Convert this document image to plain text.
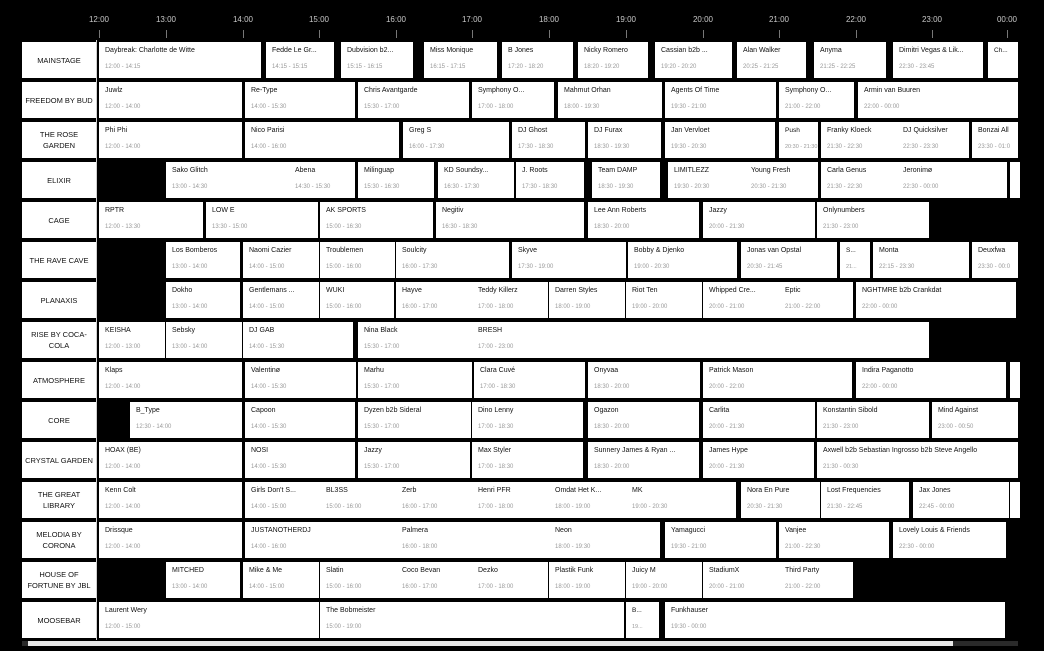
12:00	13:00	14:00	15:00	16:00	17:00	18:00	19:00	20:00	21:00	22:00	23:00	00:00
MAINSTAGE
Daybreak: Charlotte de Witte
12:00 - 14:15
Fedde Le Gr...
14:15 - 15:15
Dubvision b2...
15:15 - 16:15
Miss Monique
16:15 - 17:15
B Jones
17:20 - 18:20
Nicky Romero
18:20 - 19:20
Cassian b2b ...
19:20 - 20:20
Alan Walker
20:25 - 21:25
Anyma
21:25 - 22:25
Dimitri Vegas & Lik...
22:30 - 23:45
Ch...
FREEDOM BY BUD
Juwlz
12:00 - 14:00
Re-Type
14:00 - 15:30
Chris Avantgarde
15:30 - 17:00
Symphony O...
17:00 - 18:00
Mahmut Orhan
18:00 - 19:30
Agents Of Time
19:30 - 21:00
Symphony O...
21:00 - 22:00
Armin van Buuren
22:00 - 00:00
THE ROSE GARDEN
Phi Phi
12:00 - 14:00
Nico Parisi
14:00 - 16:00
Greg S
16:00 - 17:30
DJ Ghost
17:30 - 18:30
DJ Furax
18:30 - 19:30
Jan Vervloet
19:30 - 20:30
Push
20:30 - 21:30
Franky Kloeck
21:30 - 22:30
DJ Quicksilver
22:30 - 23:30
Bonzai All
23:30 - 01:0
ELIXIR
Sako Glitch
13:00 - 14:30
Abena
14:30 - 15:30
Milinguap
15:30 - 16:30
KD Soundsy...
16:30 - 17:30
J. Roots
17:30 - 18:30
Team DAMP
18:30 - 19:30
LIMITLEZZ
19:30 - 20:30
Young Fresh
20:30 - 21:30
Carla Genus
21:30 - 22:30
Jeronimø
22:30 - 00:00
CAGE
RPTR
12:00 - 13:30
LOW E
13:30 - 15:00
AK SPORTS
15:00 - 16:30
Negitiv
16:30 - 18:30
Lee Ann Roberts
18:30 - 20:00
Jazzy
20:00 - 21:30
Onlynumbers
21:30 - 23:00
THE RAVE CAVE
Los Bomberos
13:00 - 14:00
Naomi Cazier
14:00 - 15:00
Troublemen
15:00 - 16:00
Soulcity
16:00 - 17:30
Skyve
17:30 - 19:00
Bobby & Djenko
19:00 - 20:30
Jonas van Opstal
20:30 - 21:45
S...
21...
Monta
22:15 - 23:30
Deuxfwa
23:30 - 00:0
PLANAXIS
Dokho
13:00 - 14:00
Gentlemans ...
14:00 - 15:00
WUKI
15:00 - 16:00
Hayve
16:00 - 17:00
Teddy Killerz
17:00 - 18:00
Darren Styles
18:00 - 19:00
Riot Ten
19:00 - 20:00
Whipped Cre...
20:00 - 21:00
Eptic
21:00 - 22:00
NGHTMRE b2b Crankdat
22:00 - 00:00
RISE BY COCA-COLA
KEISHA
12:00 - 13:00
Sebsky
13:00 - 14:00
DJ GAB
14:00 - 15:30
Nina Black
15:30 - 17:00
BRESH
17:00 - 23:00
ATMOSPHERE
Klaps
12:00 - 14:00
Valentinø
14:00 - 15:30
Marhu
15:30 - 17:00
Clara Cuvé
17:00 - 18:30
Onyvaa
18:30 - 20:00
Patrick Mason
20:00 - 22:00
Indira Paganotto
22:00 - 00:00
CORE
B_Type
12:30 - 14:00
Capoon
14:00 - 15:30
Dyzen b2b Sideral
15:30 - 17:00
Dino Lenny
17:00 - 18:30
Ogazon
18:30 - 20:00
Carlita
20:00 - 21:30
Konstantin Sibold
21:30 - 23:00
Mind Against
23:00 - 00:50
CRYSTAL GARDEN
HOAX (BE)
12:00 - 14:00
NOSI
14:00 - 15:30
Jazzy
15:30 - 17:00
Max Styler
17:00 - 18:30
Sunnery James & Ryan ...
18:30 - 20:00
James Hype
20:00 - 21:30
Axwell b2b Sebastian Ingrosso b2b Steve Angello
21:30 - 00:30
THE GREAT LIBRARY
Kenn Colt
12:00 - 14:00
Girls Don't S...
14:00 - 15:00
BL3SS
15:00 - 16:00
Zerb
16:00 - 17:00
Henri PFR
17:00 - 18:00
Omdat Het K...
18:00 - 19:00
MK
19:00 - 20:30
Nora En Pure
20:30 - 21:30
Lost Frequencies
21:30 - 22:45
Jax Jones
22:45 - 00:00
MELODIA BY CORONA
Drissque
12:00 - 14:00
JUSTANOTHERDJ
14:00 - 16:00
Palmera
16:00 - 18:00
Neon
18:00 - 19:30
Yamagucci
19:30 - 21:00
Vanjee
21:00 - 22:30
Lovely Louis & Friends
22:30 - 00:00
HOUSE OF FORTUNE BY JBL
MITCHED
13:00 - 14:00
Mike & Me
14:00 - 15:00
Slatin
15:00 - 16:00
Coco Bevan
16:00 - 17:00
Dezko
17:00 - 18:00
Plastik Funk
18:00 - 19:00
Juicy M
19:00 - 20:00
StadiumX
20:00 - 21:00
Third Party
21:00 - 22:00
MOOSEBAR
Laurent Wery
12:00 - 15:00
The Bobmeister
15:00 - 19:00
B...
19...
Funkhauser
19:30 - 00:00
